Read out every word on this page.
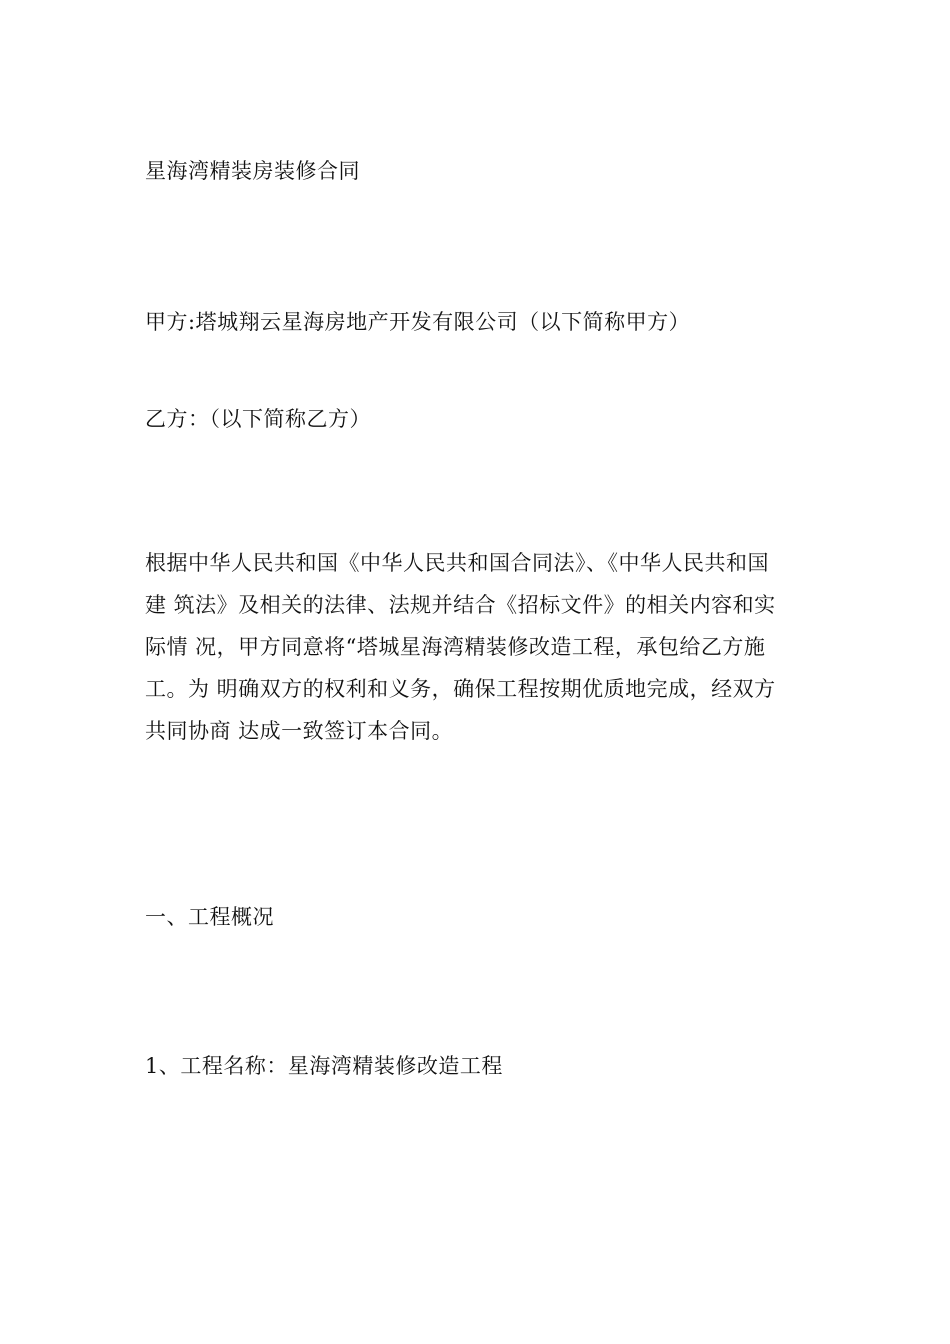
星海湾精装房装修合同
甲方:塔城翔云星海房地产开发有限公司（以下简称甲方）
乙方：（以下简称乙方）
根据中华人民共和国《中华人民共和国合同法》、《中华人民共和国
建 筑法》及相关的法律、法规并结合《招标文件》的相关内容和实
际情 况，甲方同意将“塔城星海湾精装修改造工程，承包给乙方施
工。为 明确双方的权利和义务，确保工程按期优质地完成，经双方
共同协商 达成一致签订本合同。
一、工程概况
1、工程名称：星海湾精装修改造工程
